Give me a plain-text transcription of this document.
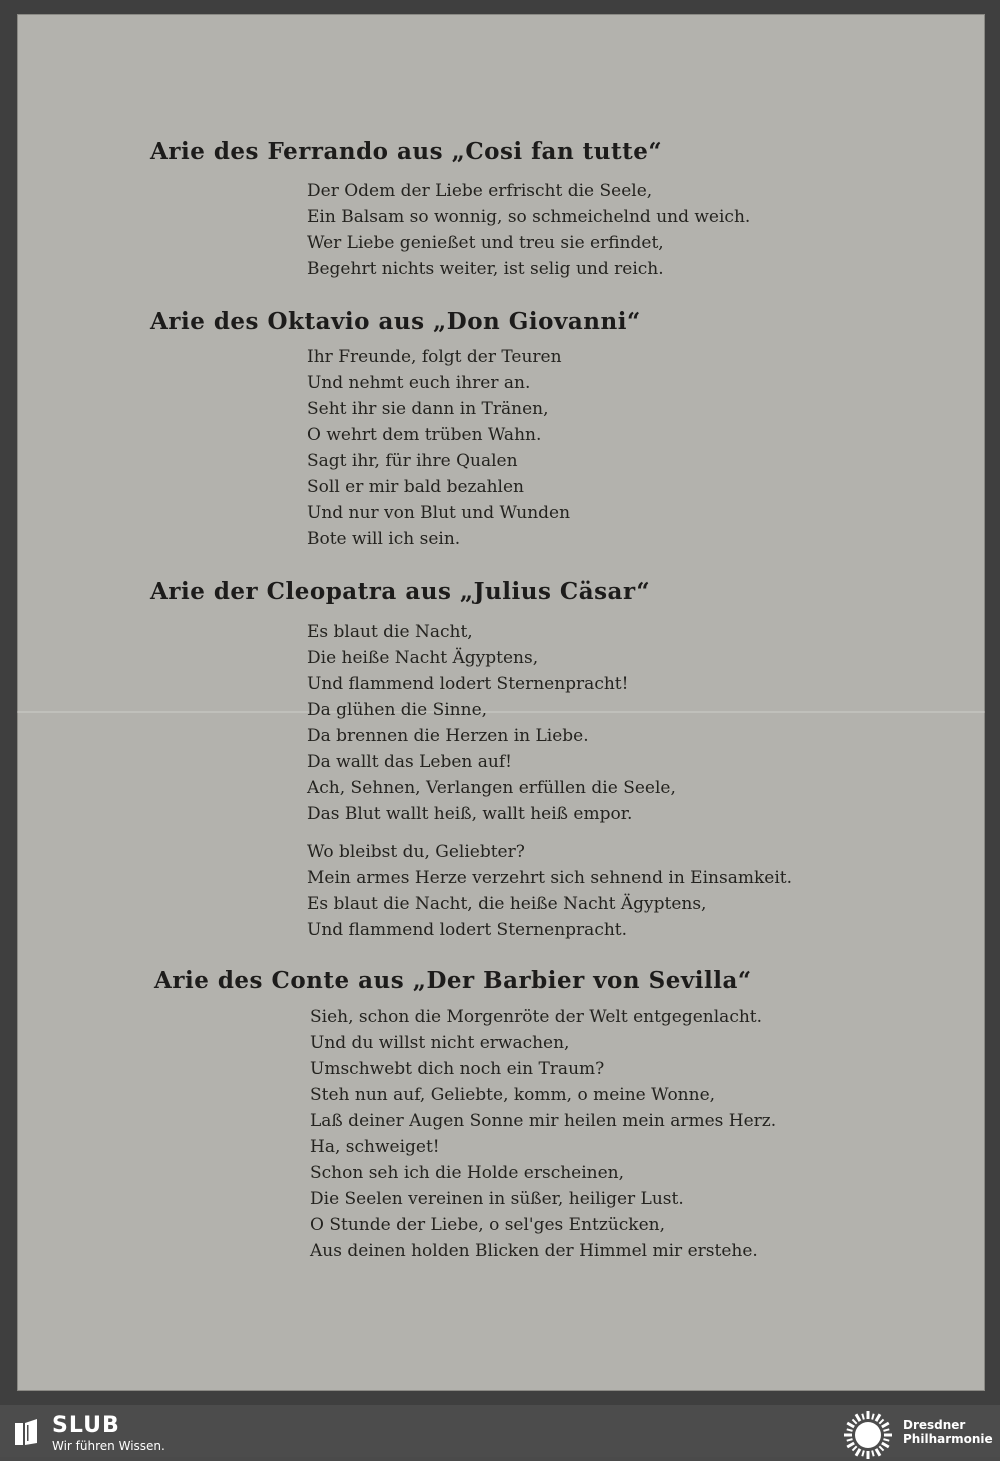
Arie des Ferrando aus „Cosi fan tutte“
Der Odem der Liebe erfrischt die Seele,
Ein Balsam so wonnig, so schmeichelnd und weich.
Wer Liebe genießet und treu sie erfindet,
Begehrt nichts weiter, ist selig und reich.
Arie des Oktavio aus „Don Giovanni“
Ihr Freunde, folgt der Teuren
Und nehmt euch ihrer an.
Seht ihr sie dann in Tränen,
O wehrt dem trüben Wahn.
Sagt ihr, für ihre Qualen
Soll er mir bald bezahlen
Und nur von Blut und Wunden
Bote will ich sein.
Arie der Cleopatra aus „Julius Cäsar“
Es blaut die Nacht,
Die heiße Nacht Ägyptens,
Und flammend lodert Sternenpracht!
Da glühen die Sinne,
Da brennen die Herzen in Liebe.
Da wallt das Leben auf!
Ach, Sehnen, Verlangen erfüllen die Seele,
Das Blut wallt heiß, wallt heiß empor.
Wo bleibst du, Geliebter?
Mein armes Herze verzehrt sich sehnend in Einsamkeit.
Es blaut die Nacht, die heiße Nacht Ägyptens,
Und flammend lodert Sternenpracht.
Arie des Conte aus „Der Barbier von Sevilla“
Sieh, schon die Morgenröte der Welt entgegenlacht.
Und du willst nicht erwachen,
Umschwebt dich noch ein Traum?
Steh nun auf, Geliebte, komm, o meine Wonne,
Laß deiner Augen Sonne mir heilen mein armes Herz.
Ha, schweiget!
Schon seh ich die Holde erscheinen,
Die Seelen vereinen in süßer, heiliger Lust.
O Stunde der Liebe, o sel'ges Entzücken,
Aus deinen holden Blicken der Himmel mir erstehe.
SLUB
Wir führen Wissen.
Dresdner
Philharmonie
